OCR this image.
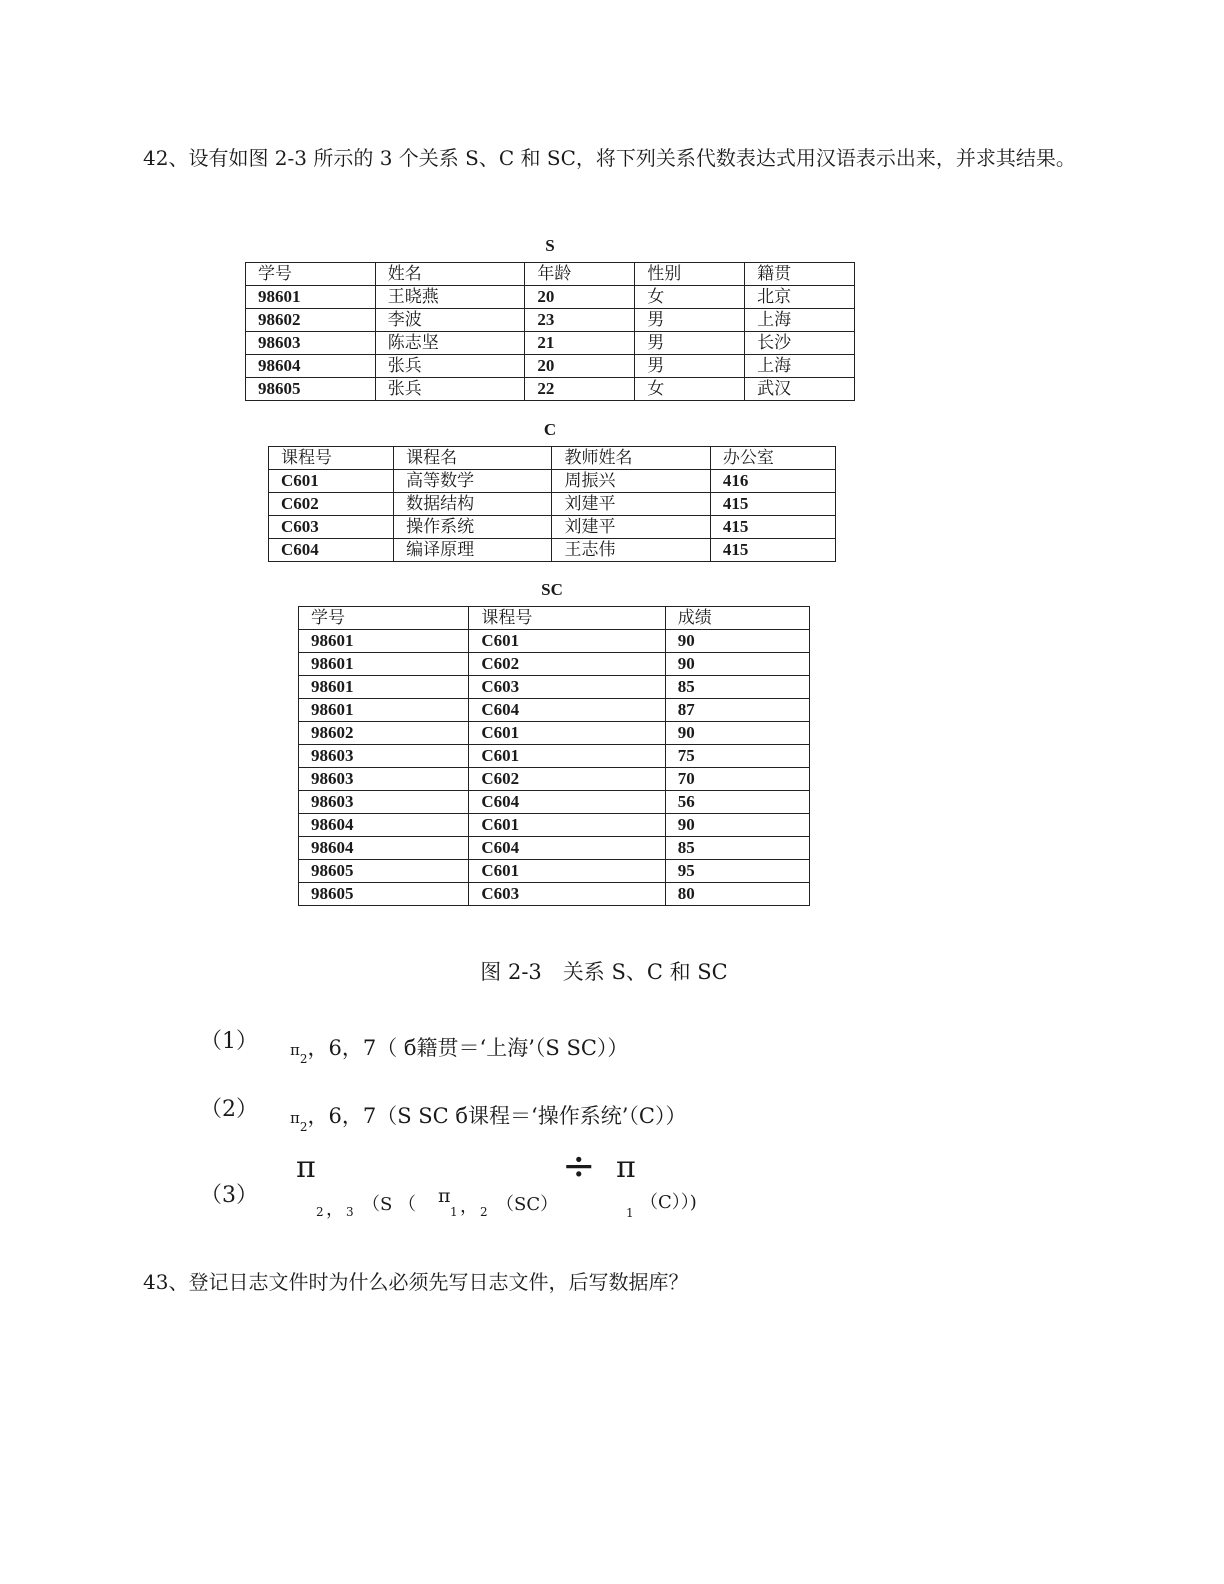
42、设有如图 2-3 所示的 3 个关系 S、C 和 SC，将下列关系代数表达式用汉语表示出来，并求其结果。
S
学号	姓名	年龄	性别	籍贯
98601	王晓燕	20	女	北京
98602	李波	23	男	上海
98603	陈志坚	21	男	长沙
98604	张兵	20	男	上海
98605	张兵	22	女	武汉
C
课程号	课程名	教师姓名	办公室
C601	高等数学	周振兴	416
C602	数据结构	刘建平	415
C603	操作系统	刘建平	415
C604	编译原理	王志伟	415
SC
学号	课程号	成绩
98601	C601	90
98601	C602	90
98601	C603	85
98601	C604	87
98602	C601	90
98603	C601	75
98603	C602	70
98603	C604	56
98604	C601	90
98604	C604	85
98605	C601	95
98605	C603	80
图 2-3　关系 S、C 和 SC
（1） $\pi_2$，6，7（ б籍贯＝‘上海’（S SC））
（2） $\pi_2$，6，7（S SC б课程＝‘操作系统’（C））
（3）
π
2 ， 3 （S （ π
1 ， 2 （SC）
÷ π
1 （C））)
43、登记日志文件时为什么必须先写日志文件，后写数据库？
